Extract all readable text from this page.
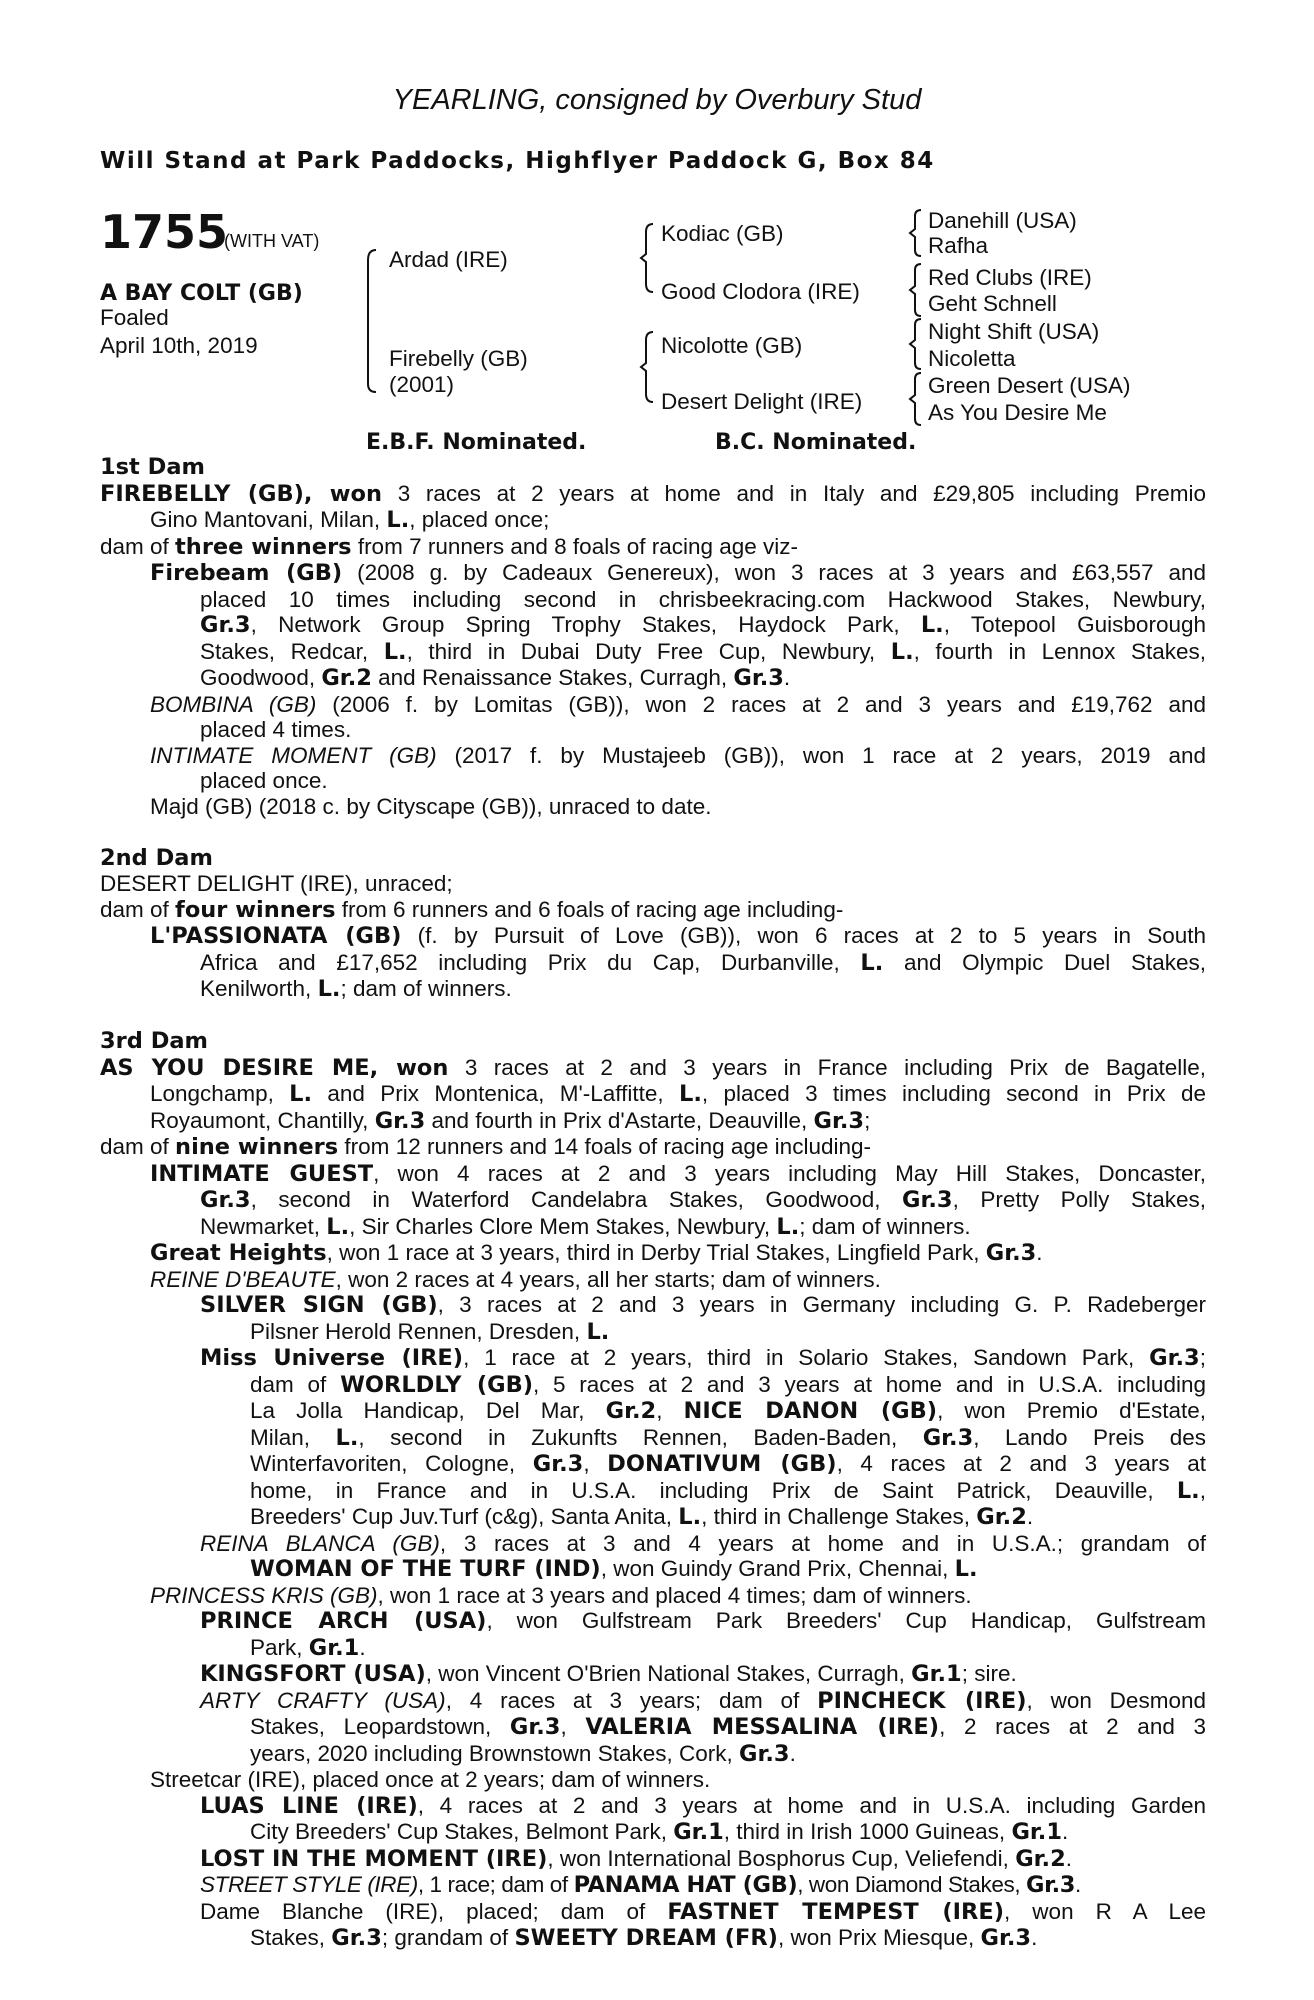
YEARLING, consigned by Overbury Stud
Will Stand at Park Paddocks, Highflyer Paddock G, Box 84
1755
(WITH VAT)
A BAY COLT (GB)
Foaled
April 10th, 2019
Ardad (IRE)
Firebelly (GB)
(2001)
Kodiac (GB)
Good Clodora (IRE)
Nicolotte (GB)
Desert Delight (IRE)
Danehill (USA)
Rafha
Red Clubs (IRE)
Geht Schnell
Night Shift (USA)
Nicoletta
Green Desert (USA)
As You Desire Me
E.B.F. Nominated.	B.C. Nominated.
1st Dam
FIREBELLY (GB), won 3 races at 2 years at home and in Italy and £29,805 including Premio
Gino Mantovani, Milan, L., placed once;
dam of three winners from 7 runners and 8 foals of racing age viz-
Firebeam (GB) (2008 g. by Cadeaux Genereux), won 3 races at 3 years and £63,557 and
placed 10 times including second in chrisbeekracing.com Hackwood Stakes, Newbury,
Gr.3, Network Group Spring Trophy Stakes, Haydock Park, L., Totepool Guisborough
Stakes, Redcar, L., third in Dubai Duty Free Cup, Newbury, L., fourth in Lennox Stakes,
Goodwood, Gr.2 and Renaissance Stakes, Curragh, Gr.3.
BOMBINA (GB) (2006 f. by Lomitas (GB)), won 2 races at 2 and 3 years and £19,762 and
placed 4 times.
INTIMATE MOMENT (GB) (2017 f. by Mustajeeb (GB)), won 1 race at 2 years, 2019 and
placed once.
Majd (GB) (2018 c. by Cityscape (GB)), unraced to date.
2nd Dam
DESERT DELIGHT (IRE), unraced;
dam of four winners from 6 runners and 6 foals of racing age including-
L'PASSIONATA (GB) (f. by Pursuit of Love (GB)), won 6 races at 2 to 5 years in South
Africa and £17,652 including Prix du Cap, Durbanville, L. and Olympic Duel Stakes,
Kenilworth, L.; dam of winners.
3rd Dam
AS YOU DESIRE ME, won 3 races at 2 and 3 years in France including Prix de Bagatelle,
Longchamp, L. and Prix Montenica, M'-Laffitte, L., placed 3 times including second in Prix de
Royaumont, Chantilly, Gr.3 and fourth in Prix d'Astarte, Deauville, Gr.3;
dam of nine winners from 12 runners and 14 foals of racing age including-
INTIMATE GUEST, won 4 races at 2 and 3 years including May Hill Stakes, Doncaster,
Gr.3, second in Waterford Candelabra Stakes, Goodwood, Gr.3, Pretty Polly Stakes,
Newmarket, L., Sir Charles Clore Mem Stakes, Newbury, L.; dam of winners.
Great Heights, won 1 race at 3 years, third in Derby Trial Stakes, Lingfield Park, Gr.3.
REINE D'BEAUTE, won 2 races at 4 years, all her starts; dam of winners.
SILVER SIGN (GB), 3 races at 2 and 3 years in Germany including G. P. Radeberger
Pilsner Herold Rennen, Dresden, L.
Miss Universe (IRE), 1 race at 2 years, third in Solario Stakes, Sandown Park, Gr.3;
dam of WORLDLY (GB), 5 races at 2 and 3 years at home and in U.S.A. including
La Jolla Handicap, Del Mar, Gr.2, NICE DANON (GB), won Premio d'Estate,
Milan, L., second in Zukunfts Rennen, Baden-Baden, Gr.3, Lando Preis des
Winterfavoriten, Cologne, Gr.3, DONATIVUM (GB), 4 races at 2 and 3 years at
home, in France and in U.S.A. including Prix de Saint Patrick, Deauville, L.,
Breeders' Cup Juv.Turf (c&g), Santa Anita, L., third in Challenge Stakes, Gr.2.
REINA BLANCA (GB), 3 races at 3 and 4 years at home and in U.S.A.; grandam of
WOMAN OF THE TURF (IND), won Guindy Grand Prix, Chennai, L.
PRINCESS KRIS (GB), won 1 race at 3 years and placed 4 times; dam of winners.
PRINCE ARCH (USA), won Gulfstream Park Breeders' Cup Handicap, Gulfstream
Park, Gr.1.
KINGSFORT (USA), won Vincent O'Brien National Stakes, Curragh, Gr.1; sire.
ARTY CRAFTY (USA), 4 races at 3 years; dam of PINCHECK (IRE), won Desmond
Stakes, Leopardstown, Gr.3, VALERIA MESSALINA (IRE), 2 races at 2 and 3
years, 2020 including Brownstown Stakes, Cork, Gr.3.
Streetcar (IRE), placed once at 2 years; dam of winners.
LUAS LINE (IRE), 4 races at 2 and 3 years at home and in U.S.A. including Garden
City Breeders' Cup Stakes, Belmont Park, Gr.1, third in Irish 1000 Guineas, Gr.1.
LOST IN THE MOMENT (IRE), won International Bosphorus Cup, Veliefendi, Gr.2.
STREET STYLE (IRE), 1 race; dam of PANAMA HAT (GB), won Diamond Stakes, Gr.3.
Dame Blanche (IRE), placed; dam of FASTNET TEMPEST (IRE), won R A Lee
Stakes, Gr.3; grandam of SWEETY DREAM (FR), won Prix Miesque, Gr.3.
